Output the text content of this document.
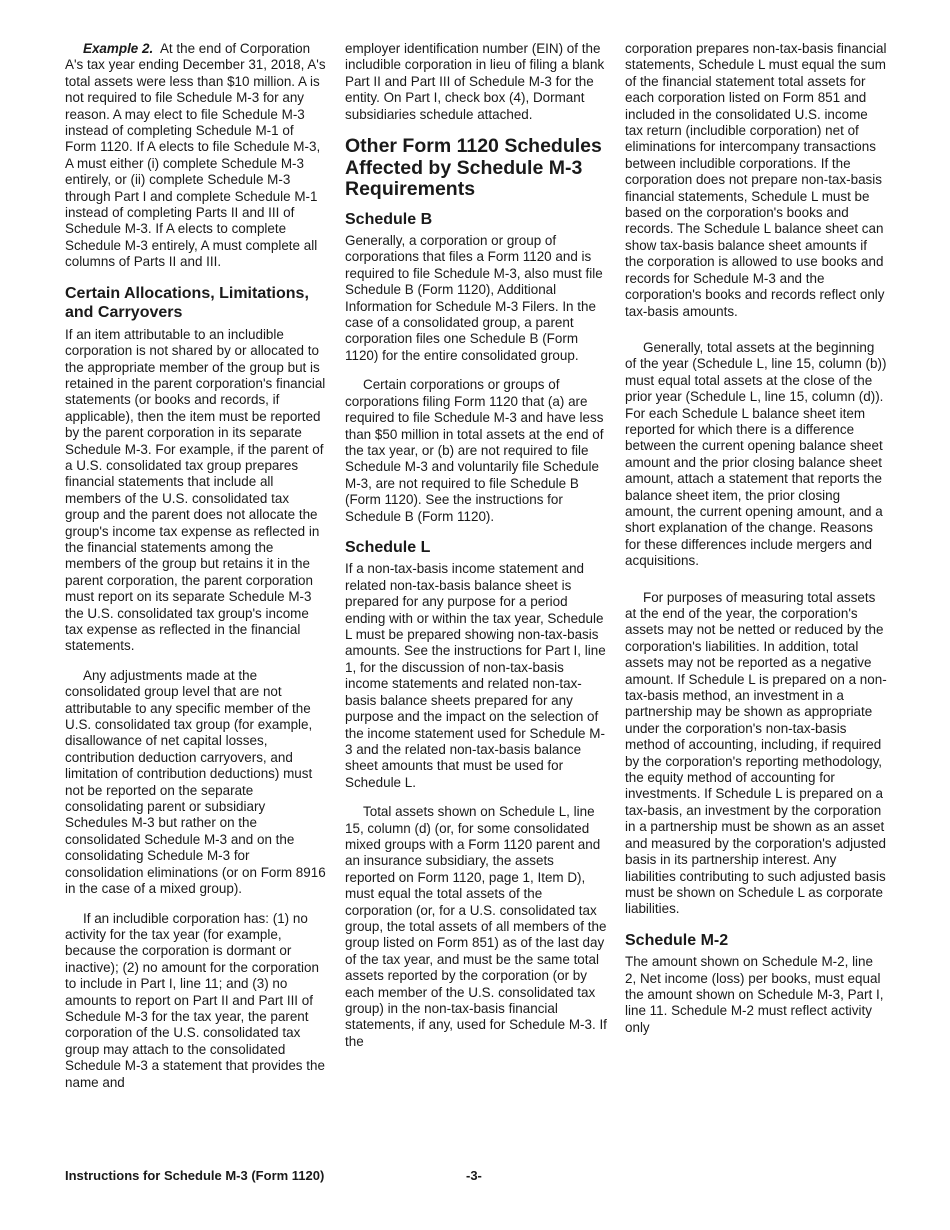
Example 2. At the end of Corporation A's tax year ending December 31, 2018, A's total assets were less than $10 million. A is not required to file Schedule M-3 for any reason. A may elect to file Schedule M-3 instead of completing Schedule M-1 of Form 1120. If A elects to file Schedule M-3, A must either (i) complete Schedule M-3 entirely, or (ii) complete Schedule M-3 through Part I and complete Schedule M-1 instead of completing Parts II and III of Schedule M-3. If A elects to complete Schedule M-3 entirely, A must complete all columns of Parts II and III.

Certain Allocations, Limitations, and Carryovers

If an item attributable to an includible corporation is not shared by or allocated to the appropriate member of the group but is retained in the parent corporation's financial statements (or books and records, if applicable), then the item must be reported by the parent corporation in its separate Schedule M-3. For example, if the parent of a U.S. consolidated tax group prepares financial statements that include all members of the U.S. consolidated tax group and the parent does not allocate the group's income tax expense as reflected in the financial statements among the members of the group but retains it in the parent corporation, the parent corporation must report on its separate Schedule M-3 the U.S. consolidated tax group's income tax expense as reflected in the financial statements.

Any adjustments made at the consolidated group level that are not attributable to any specific member of the U.S. consolidated tax group (for example, disallowance of net capital losses, contribution deduction carryovers, and limitation of contribution deductions) must not be reported on the separate consolidating parent or subsidiary Schedules M-3 but rather on the consolidated Schedule M-3 and on the consolidating Schedule M-3 for consolidation eliminations (or on Form 8916 in the case of a mixed group).

If an includible corporation has: (1) no activity for the tax year (for example, because the corporation is dormant or inactive); (2) no amount for the corporation to include in Part I, line 11; and (3) no amounts to report on Part II and Part III of Schedule M-3 for the tax year, the parent corporation of the U.S. consolidated tax group may attach to the consolidated Schedule M-3 a statement that provides the name and

employer identification number (EIN) of the includible corporation in lieu of filing a blank Part II and Part III of Schedule M-3 for the entity. On Part I, check box (4), Dormant subsidiaries schedule attached.

Other Form 1120 Schedules Affected by Schedule M-3 Requirements
Schedule B

Generally, a corporation or group of corporations that files a Form 1120 and is required to file Schedule M-3, also must file Schedule B (Form 1120), Additional Information for Schedule M-3 Filers. In the case of a consolidated group, a parent corporation files one Schedule B (Form 1120) for the entire consolidated group.

Certain corporations or groups of corporations filing Form 1120 that (a) are required to file Schedule M-3 and have less than $50 million in total assets at the end of the tax year, or (b) are not required to file Schedule M-3 and voluntarily file Schedule M-3, are not required to file Schedule B (Form 1120). See the instructions for Schedule B (Form 1120).

Schedule L

If a non-tax-basis income statement and related non-tax-basis balance sheet is prepared for any purpose for a period ending with or within the tax year, Schedule L must be prepared showing non-tax-basis amounts. See the instructions for Part I, line 1, for the discussion of non-tax-basis income statements and related non-tax-basis balance sheets prepared for any purpose and the impact on the selection of the income statement used for Schedule M-3 and the related non-tax-basis balance sheet amounts that must be used for Schedule L.

Total assets shown on Schedule L, line 15, column (d) (or, for some consolidated mixed groups with a Form 1120 parent and an insurance subsidiary, the assets reported on Form 1120, page 1, Item D), must equal the total assets of the corporation (or, for a U.S. consolidated tax group, the total assets of all members of the group listed on Form 851) as of the last day of the tax year, and must be the same total assets reported by the corporation (or by each member of the U.S. consolidated tax group) in the non-tax-basis financial statements, if any, used for Schedule M-3. If the

corporation prepares non-tax-basis financial statements, Schedule L must equal the sum of the financial statement total assets for each corporation listed on Form 851 and included in the consolidated U.S. income tax return (includible corporation) net of eliminations for intercompany transactions between includible corporations. If the corporation does not prepare non-tax-basis financial statements, Schedule L must be based on the corporation's books and records. The Schedule L balance sheet can show tax-basis balance sheet amounts if the corporation is allowed to use books and records for Schedule M-3 and the corporation's books and records reflect only tax-basis amounts.

Generally, total assets at the beginning of the year (Schedule L, line 15, column (b)) must equal total assets at the close of the prior year (Schedule L, line 15, column (d)). For each Schedule L balance sheet item reported for which there is a difference between the current opening balance sheet amount and the prior closing balance sheet amount, attach a statement that reports the balance sheet item, the prior closing amount, the current opening amount, and a short explanation of the change. Reasons for these differences include mergers and acquisitions.

For purposes of measuring total assets at the end of the year, the corporation's assets may not be netted or reduced by the corporation's liabilities. In addition, total assets may not be reported as a negative amount. If Schedule L is prepared on a non-tax-basis method, an investment in a partnership may be shown as appropriate under the corporation's non-tax-basis method of accounting, including, if required by the corporation's reporting methodology, the equity method of accounting for investments. If Schedule L is prepared on a tax-basis, an investment by the corporation in a partnership must be shown as an asset and measured by the corporation's adjusted basis in its partnership interest. Any liabilities contributing to such adjusted basis must be shown on Schedule L as corporate liabilities.

Schedule M-2

The amount shown on Schedule M-2, line 2, Net income (loss) per books, must equal the amount shown on Schedule M-3, Part I, line 11. Schedule M-2 must reflect activity only

Instructions for Schedule M-3 (Form 1120)	-3-
